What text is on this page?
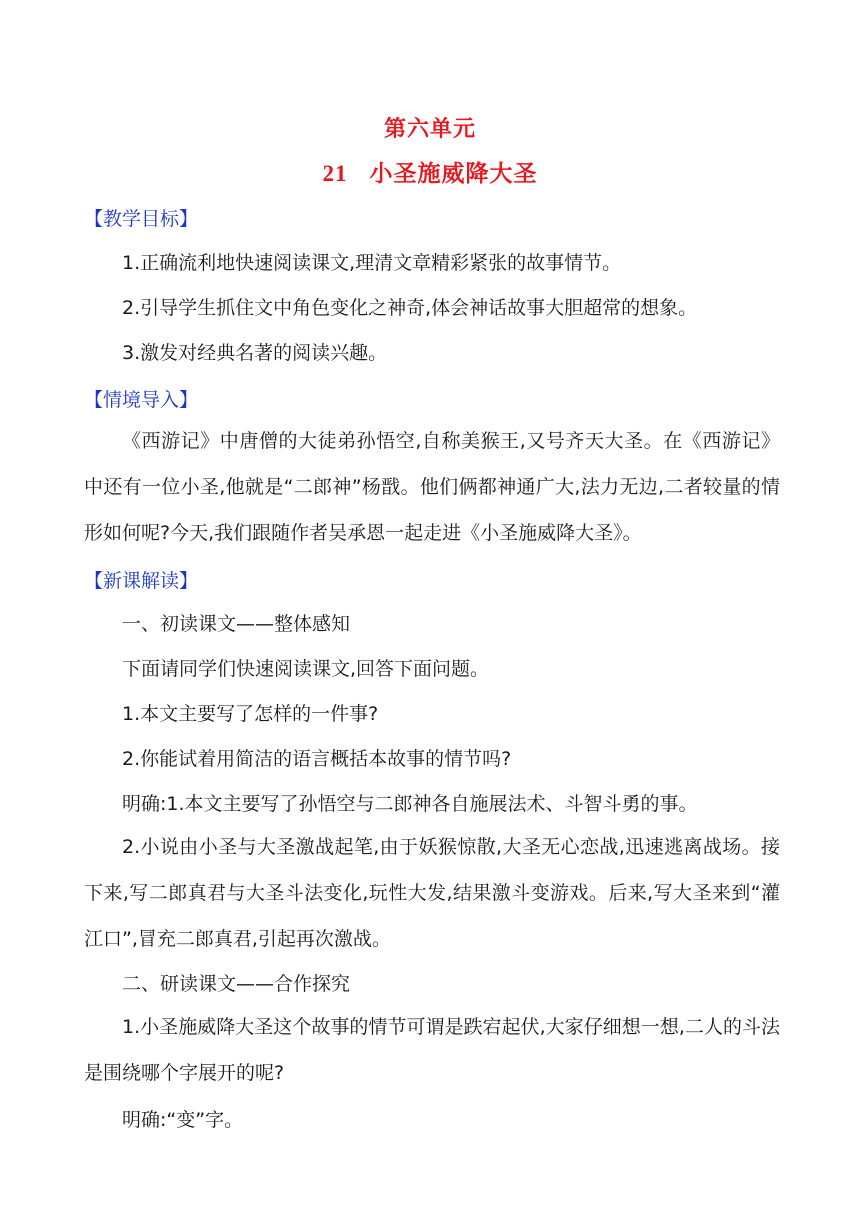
第六单元
21 小圣施威降大圣
【教学目标】
1.正确流利地快速阅读课文,理清文章精彩紧张的故事情节。
2.引导学生抓住文中角色变化之神奇,体会神话故事大胆超常的想象。
3.激发对经典名著的阅读兴趣。
【情境导入】
《西游记》中唐僧的大徒弟孙悟空,自称美猴王,又号齐天大圣。在《西游记》中还有一位小圣,他就是“二郎神”杨戬。他们俩都神通广大,法力无边,二者较量的情形如何呢?今天,我们跟随作者吴承恩一起走进《小圣施威降大圣》。
【新课解读】
一、初读课文——整体感知
下面请同学们快速阅读课文,回答下面问题。
1.本文主要写了怎样的一件事?
2.你能试着用简洁的语言概括本故事的情节吗?
明确:1.本文主要写了孙悟空与二郎神各自施展法术、斗智斗勇的事。
2.小说由小圣与大圣激战起笔,由于妖猴惊散,大圣无心恋战,迅速逃离战场。接下来,写二郎真君与大圣斗法变化,玩性大发,结果激斗变游戏。后来,写大圣来到“灌江口”,冒充二郎真君,引起再次激战。
二、研读课文——合作探究
1.小圣施威降大圣这个故事的情节可谓是跌宕起伏,大家仔细想一想,二人的斗法是围绕哪个字展开的呢?
明确:“变”字。
